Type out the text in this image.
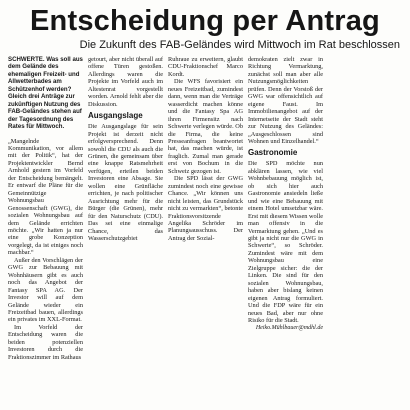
Entscheidung per Antrag
Die Zukunft des FAB-Geländes wird Mittwoch im Rat beschlossen
SCHWERTE. Was soll aus dem Gelände des ehemaligen Freizeit- und Allwetterbades am Schützenhof werden? Gleich drei Anträge zur zukünftigen Nutzung des FAB-Geländes stehen auf der Tagesordnung des Rates für Mittwoch.

„Mangelnde Kommunikation, vor allem mit der Politik“, hat der Projektentwickler Bernd Arnhold gestern im Vorfeld der Entscheidung bemängelt. Er entwarf die Pläne für die Gemeinnützige Wohnungsbau Genossenschaft (GWG), die sozialen Wohnungsbau auf dem Gelände errichten möchte. „Wir hatten ja nur eine grobe Konzeption vorgelegt, da ist einiges noch machbar.“

Außer den Vorschlägen der GWG zur Bebauung mit Wohnhäusern gibt es auch noch das Angebot der Fantasy SPA AG. Der Investor will auf dem Gelände wieder ein Freizeitbad bauen, allerdings ein privates im XXL-Format.

Im Vorfeld der Entscheidung waren die beiden potenziellen Investoren durch die Fraktionszimmer im Rathaus

getourt, aber nicht überall auf offene Türen gestoßen. Allerdings waren die Projekte im Vorfeld auch im Altestenrat vorgestellt worden. Arnold fehlt aber die Diskussion.

Ausgangslage

Die Ausgangslage für sein Projekt ist derzeit nicht erfolgversprechend. Denn sowohl die CDU als auch die Grünen, die gemeinsam über eine knappe Ratsmehrheit verfügen, erteilen beiden Investoren eine Absage. Sie wollen eine Grünfläche errichten, je nach politischer Ausrichtung mehr für die Bürger (die Grünen), mehr für den Naturschutz (CDU). Das sei eine einmalige Chance, das Wasserschutzgebiet

Ruhraue zu erweitern, glaubt CDU-Fraktionschef Marco Kordt.

Die WFS favorisiert ein neues Freizeitbad, zumindest dann, wenn man die Verträge wasserdicht machen könne und die Fantasy Spa AG ihren Firmensitz nach Schwerte verlegen würde. Ob die Firma, die keine Presseanfragen beantwortet hat, das machen würde, ist fraglich. Zumal man gerade erst von Bochum in die Schweiz gezogen ist.

Die SPD lässt der GWG zumindest noch eine gewisse Chance. „Wir können uns nicht leisten, das Grundstück nicht zu vermarkten“, betonte Fraktionsvorsitzende Angelika Schröder im Planungsausschuss. Der Antrag der Sozial-

demokraten zielt zwar in Richtung Vermarktung, zunächst soll man aber alle Nutzungsmöglichkeiten prüfen. Denn der Vorstoß der GWG war offensichtlich auf eigene Faust. Im Immobilienangebot auf der Internetseite der Stadt steht zur Nutzung des Geländes: „Ausgeschlossen sind Wohnen und Einzelhandel.“

Gastronomie

Die SPD möchte nun abklären lassen, wie viel Wohnbebauung möglich ist, ob sich hier auch Gastronomie ansiedeln ließe und wie eine Bebauung mit einem Hotel umsetzbar wäre. Erst mit diesem Wissen wolle man offensiv in die Vermarktung gehen. „Und es gibt ja nicht nur die GWG in Schwerte“, so Schröder. Zumindest wäre mit dem Wohnungsbau eine Zielgruppe sicher: die der Linken. Die sind für den sozialen Wohnungsbau, haben aber bislang keinen eigenen Antrag formuliert. Und die FDP wäre für ein neues Bad, aber nur ohne Risiko für die Stadt.

Heiko.Mühlbauer@mdhl.de
